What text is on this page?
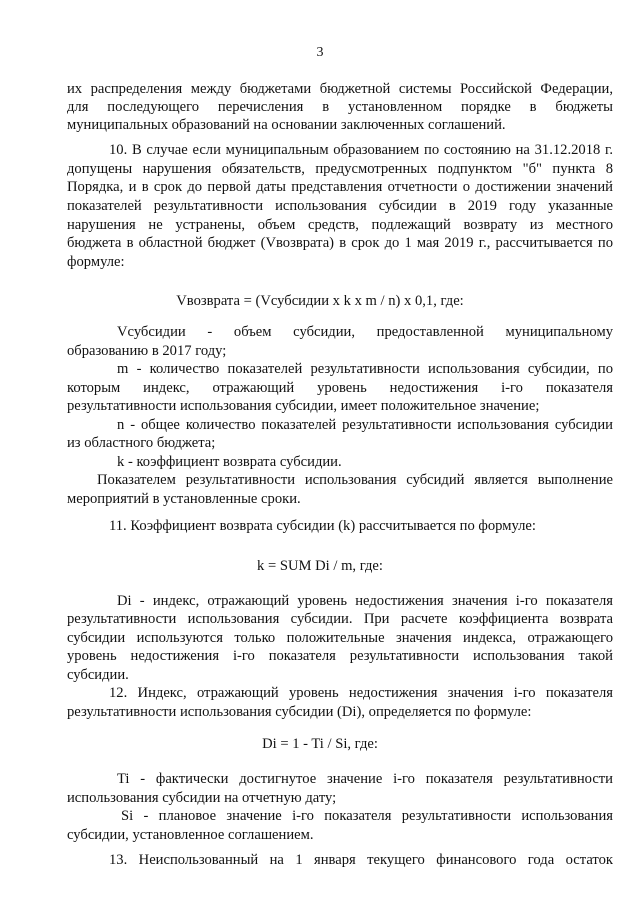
3
их распределения между бюджетами бюджетной системы Российской Федерации,
для последующего перечисления в установленном порядке в бюджеты
муниципальных образований на основании заключенных соглашений.
10. В случае если муниципальным образованием по состоянию на 31.12.2018 г.
допущены нарушения обязательств, предусмотренных подпунктом "б" пункта 8
Порядка, и в срок до первой даты представления отчетности о достижении значений
показателей результативности использования субсидии в 2019 году указанные
нарушения не устранены, объем средств, подлежащий возврату из местного
бюджета в областной бюджет (Vвозврата) в срок до 1 мая 2019 г., рассчитывается по
формуле:
Vвозврата = (Vсубсидии x k x m / n) x 0,1, где:
Vсубсидии - объем субсидии, предоставленной муниципальному
образованию в 2017 году;
m - количество показателей результативности использования субсидии, по
которым индекс, отражающий уровень недостижения i-го показателя
результативности использования субсидии, имеет положительное значение;
n - общее количество показателей результативности использования субсидии
из областного бюджета;
k - коэффициент возврата субсидии.
Показателем результативности использования субсидий является выполнение
мероприятий в установленные сроки.
11. Коэффициент возврата субсидии (k) рассчитывается по формуле:
k = SUM Di / m, где:
Di - индекс, отражающий уровень недостижения значения i-го показателя
результативности использования субсидии. При расчете коэффициента возврата
субсидии используются только положительные значения индекса, отражающего
уровень недостижения i-го показателя результативности использования такой
субсидии.
12. Индекс, отражающий уровень недостижения значения i-го показателя
результативности использования субсидии (Di), определяется по формуле:
Di = 1 - Ti / Si, где:
Ti - фактически достигнутое значение i-го показателя результативности
использования субсидии на отчетную дату;
Si - плановое значение i-го показателя результативности использования
субсидии, установленное соглашением.
13. Неиспользованный на 1 января текущего финансового года остаток
